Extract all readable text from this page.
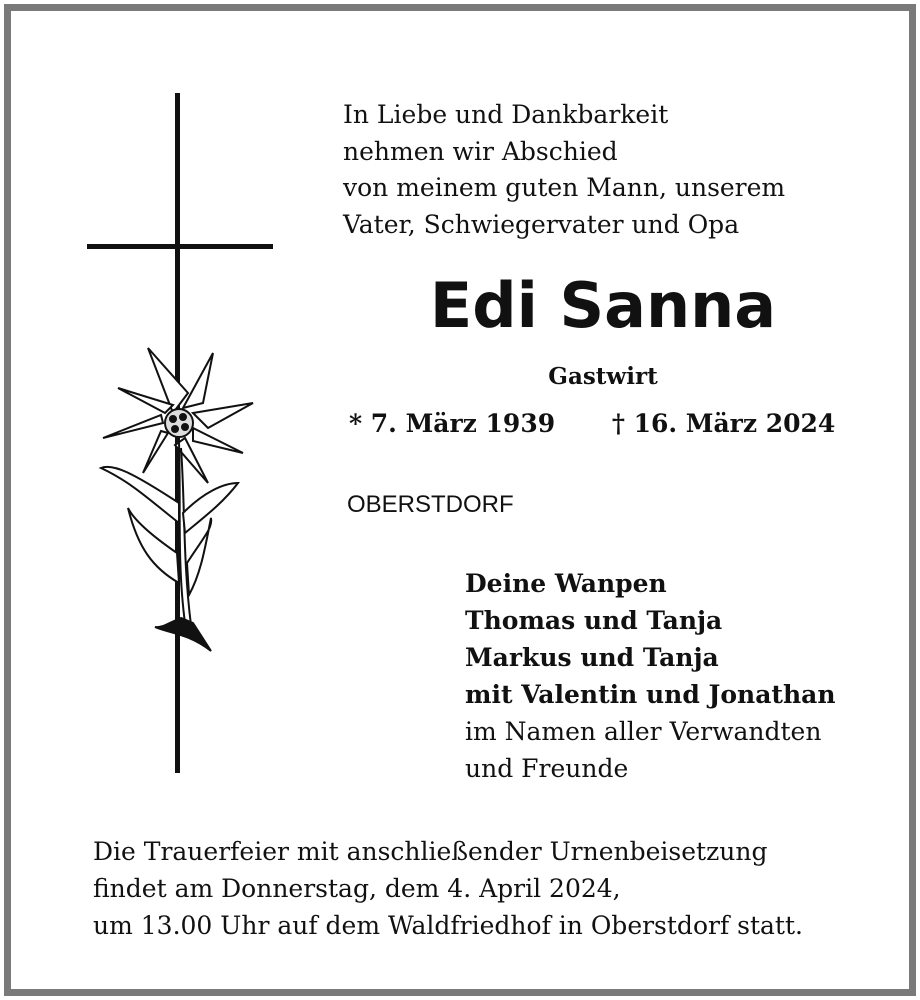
In Liebe und Dankbarkeit
nehmen wir Abschied
von meinem guten Mann, unserem
Vater, Schwiegervater und Opa
Edi Sanna
Gastwirt
* 7. März 1939 † 16. März 2024
OBERSTDORF
Deine Wanpen
Thomas und Tanja
Markus und Tanja
mit Valentin und Jonathan
im Namen aller Verwandten
und Freunde
Die Trauerfeier mit anschließender Urnenbeisetzung
findet am Donnerstag, dem 4. April 2024,
um 13.00 Uhr auf dem Waldfriedhof in Oberstdorf statt.
